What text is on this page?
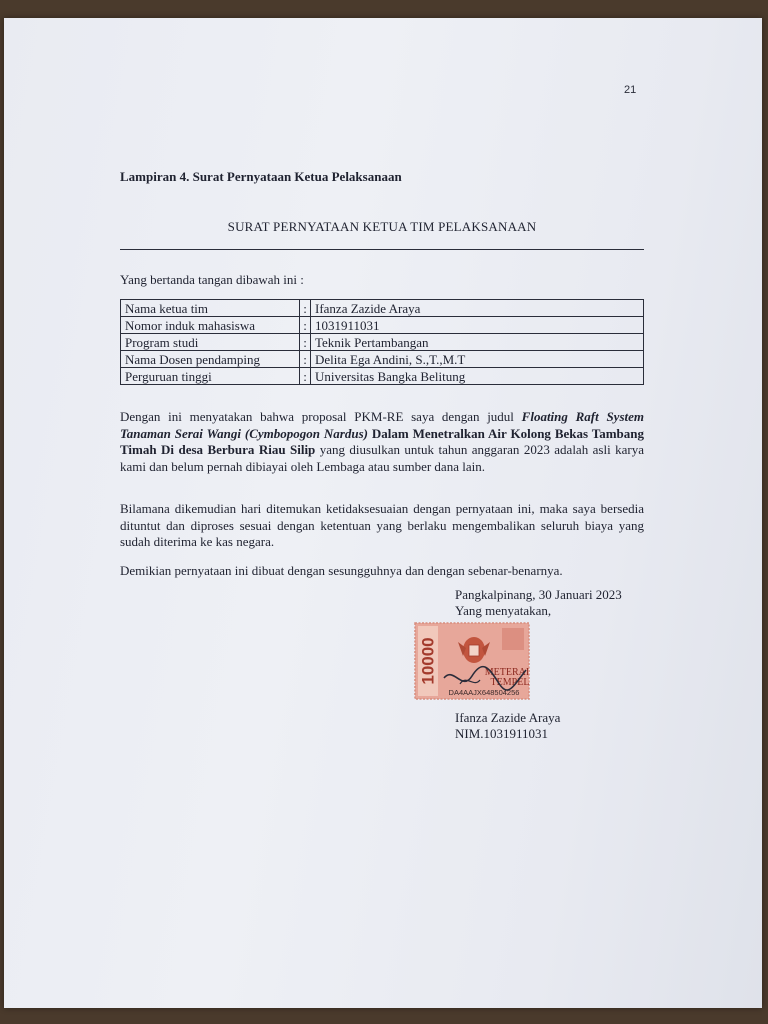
21
Lampiran 4. Surat Pernyataan Ketua Pelaksanaan
SURAT PERNYATAAN KETUA TIM PELAKSANAAN
Yang bertanda tangan dibawah ini :
Nama ketua tim	:	Ifanza Zazide Araya
Nomor induk mahasiswa	:	1031911031
Program studi	:	Teknik Pertambangan
Nama Dosen pendamping	:	Delita Ega Andini, S.,T.,M.T
Perguruan tinggi	:	Universitas Bangka Belitung

Dengan ini menyatakan bahwa proposal PKM-RE saya dengan judul Floating Raft System Tanaman Serai Wangi (Cymbopogon Nardus) Dalam Menetralkan Air Kolong Bekas Tambang Timah Di desa Berbura Riau Silip yang diusulkan untuk tahun anggaran 2023 adalah asli karya kami dan belum pernah dibiayai oleh Lembaga atau sumber dana lain.

Bilamana dikemudian hari ditemukan ketidaksesuaian dengan pernyataan ini, maka saya bersedia dituntut dan diproses sesuai dengan ketentuan yang berlaku mengembalikan seluruh biaya yang sudah diterima ke kas negara.

Demikian pernyataan ini dibuat dengan sesungguhnya dan dengan sebenar-benarnya.

Pangkalpinang, 30 Januari 2023
Yang menyatakan,
10000	METERAI
TEMPEL
DA4AAJX648504256
Ifanza Zazide Araya
NIM.1031911031
